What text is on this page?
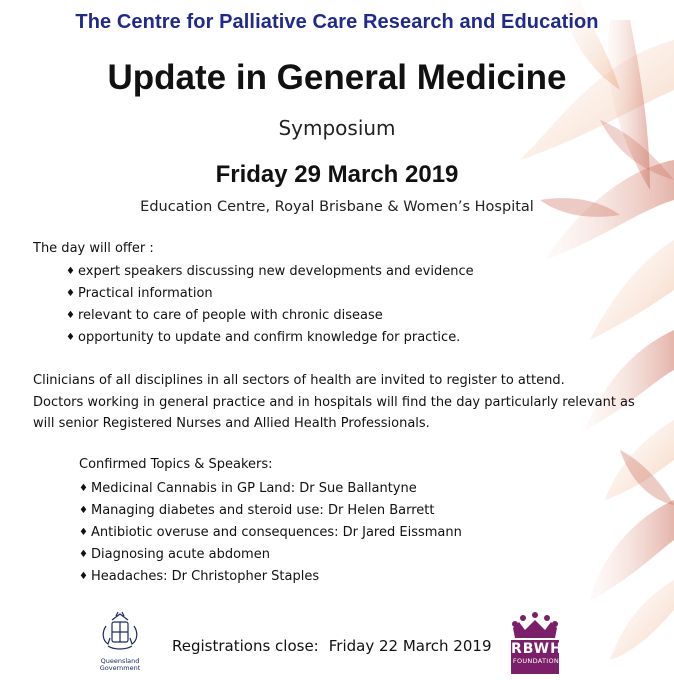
The Centre for Palliative Care Research and Education
Update in General Medicine
Symposium
Friday 29 March 2019
Education Centre, Royal Brisbane & Women’s Hospital
The day will offer :
♦ expert speakers discussing new developments and evidence
♦ Practical information
♦ relevant to care of people with chronic disease
♦ opportunity to update and confirm knowledge for practice.
Clinicians of all disciplines in all sectors of health are invited to register to attend.
Doctors working in general practice and in hospitals will find the day particularly relevant as
will senior Registered Nurses and Allied Health Professionals.
Confirmed Topics & Speakers:
♦ Medicinal Cannabis in GP Land: Dr Sue Ballantyne
♦ Managing diabetes and steroid use: Dr Helen Barrett
♦ Antibiotic overuse and consequences: Dr Jared Eissmann
♦ Diagnosing acute abdomen
♦ Headaches: Dr Christopher Staples
Queensland
Government
Registrations close: Friday 22 March 2019 RBWH
FOUNDATION
